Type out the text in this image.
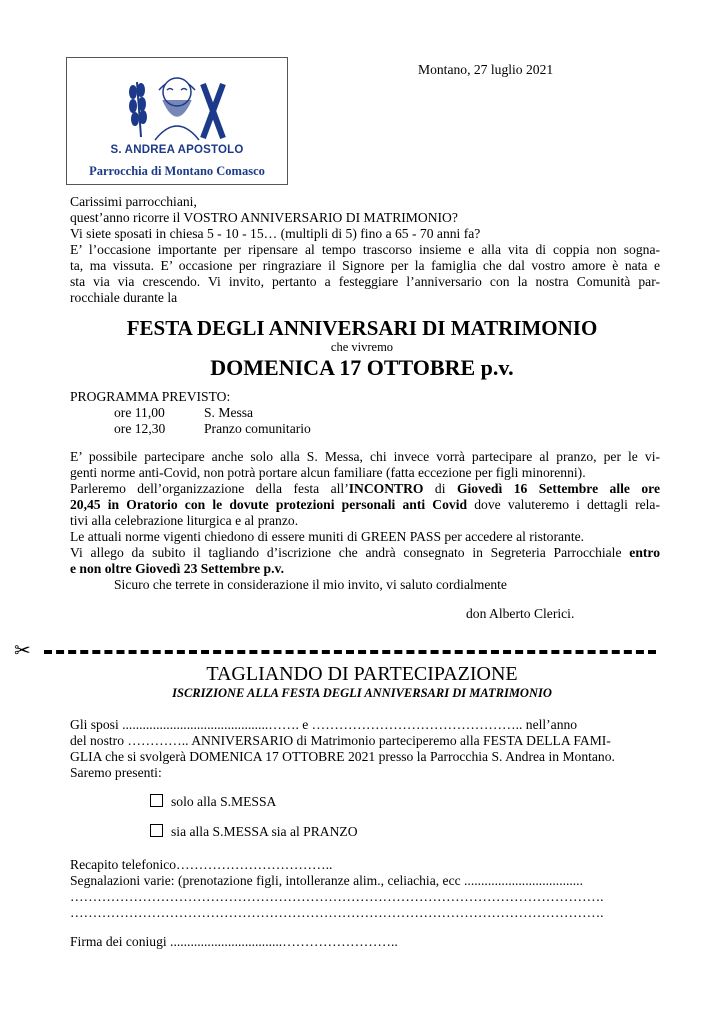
S. ANDREA APOSTOLO
Parrocchia di Montano Comasco
Montano, 27 luglio 2021
Carissimi parrocchiani,
quest’anno ricorre il VOSTRO ANNIVERSARIO DI MATRIMONIO?
Vi siete sposati in chiesa 5 - 10 - 15… (multipli di 5) fino a 65 - 70 anni fa?
E’ l’occasione importante per ripensare al tempo trascorso insieme e alla vita di coppia non sogna-
ta, ma vissuta. E’ occasione per ringraziare il Signore per la famiglia che dal vostro amore è nata e
sta via via crescendo. Vi invito, pertanto a festeggiare l’anniversario con la nostra Comunità par-
rocchiale durante la
FESTA DEGLI ANNIVERSARI DI MATRIMONIO
che vivremo
DOMENICA 17 OTTOBRE p.v.
PROGRAMMA PREVISTO:
ore 11,00	S. Messa
ore 12,30	Pranzo comunitario
E’ possibile partecipare anche solo alla S. Messa, chi invece vorrà partecipare al pranzo, per le vi-
genti norme anti-Covid, non potrà portare alcun familiare (fatta eccezione per figli minorenni).
Parleremo dell’organizzazione della festa all’INCONTRO di Giovedì 16 Settembre alle ore
20,45 in Oratorio con le dovute protezioni personali anti Covid dove valuteremo i dettagli rela-
tivi alla celebrazione liturgica e al pranzo.
Le attuali norme vigenti chiedono di essere muniti di GREEN PASS per accedere al ristorante.
Vi allego da subito il tagliando d’iscrizione che andrà consegnato in Segreteria Parrocchiale entro
e non oltre Giovedì 23 Settembre p.v.
Sicuro che terrete in considerazione il mio invito, vi saluto cordialmente
don Alberto Clerici.
✂
TAGLIANDO DI PARTECIPAZIONE
ISCRIZIONE ALLA FESTA DEGLI ANNIVERSARI DI MATRIMONIO
Gli sposi ...........................................……. e ……………………………………….. nell’anno
del nostro ………….. ANNIVERSARIO di Matrimonio parteciperemo alla FESTA DELLA FAMI-
GLIA che si svolgerà DOMENICA 17 OTTOBRE 2021 presso la Parrocchia S. Andrea in Montano.
Saremo presenti:
solo alla S.MESSA
sia alla S.MESSA sia al PRANZO
Recapito telefonico……………………………..
Segnalazioni varie: (prenotazione figli, intolleranze alim., celiachia, ecc ...................................
……………………………………………………………………………………………………….
……………………………………………………………………………………………………….
Firma dei coniugi .................................……………………..
